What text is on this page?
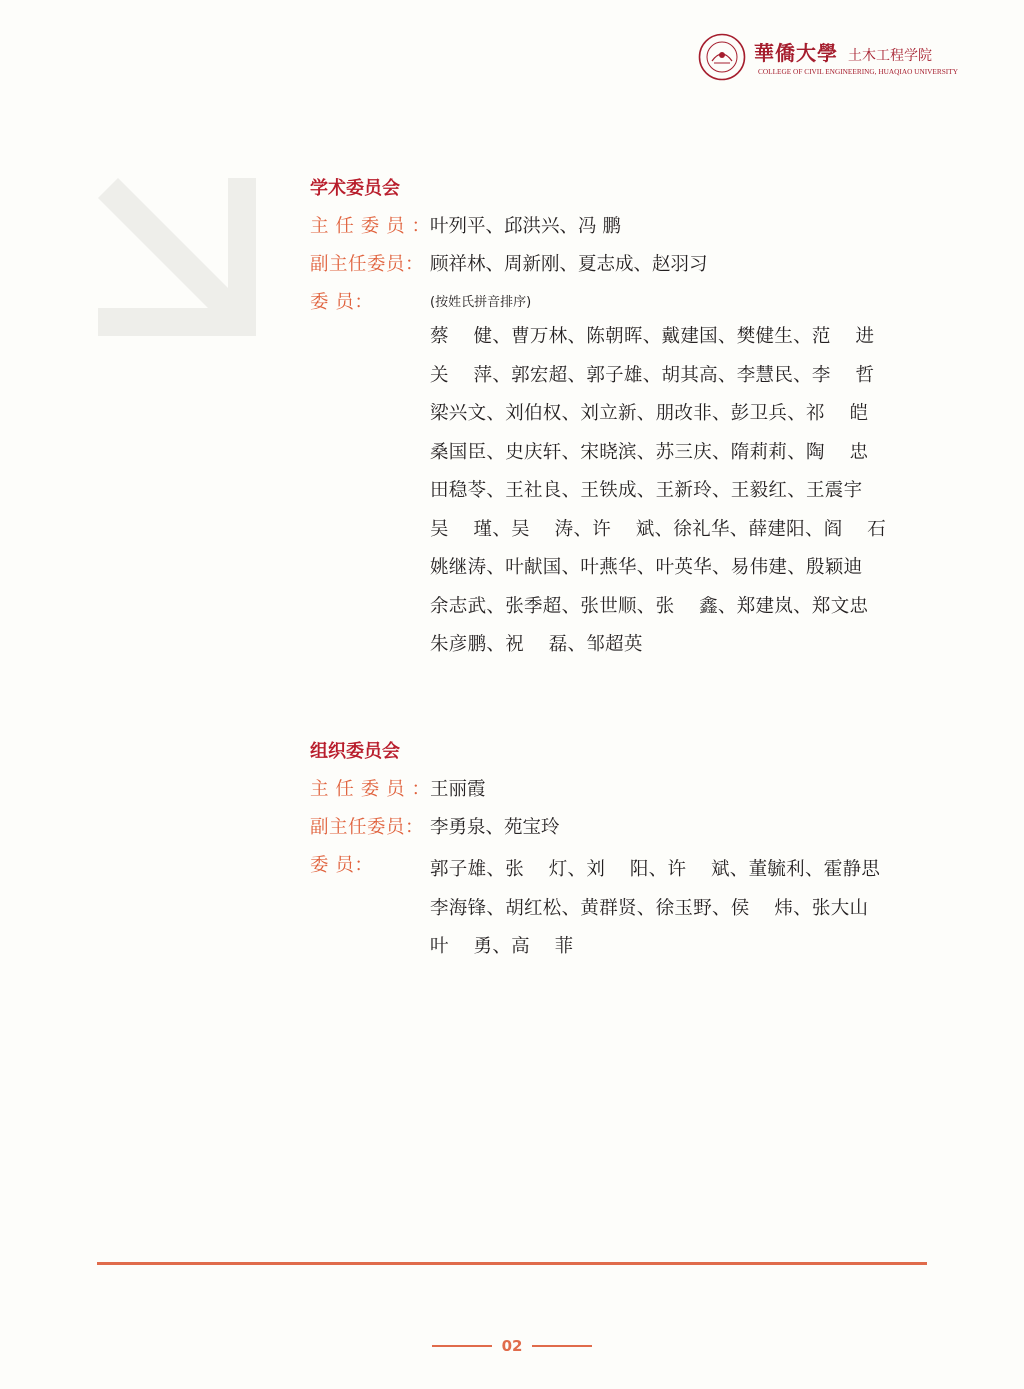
華僑大學 土木工程学院
COLLEGE OF CIVIL ENGINEERING, HUAQIAO UNIVERSITY
学术委员会
主 任 委 员 ： 叶列平、邱洪兴、冯 鹏
副主任委员： 顾祥林、周新刚、夏志成、赵羽习
委 员：	(按姓氏拼音排序)
蔡    健、曹万林、陈朝晖、戴建国、樊健生、范    进
关    萍、郭宏超、郭子雄、胡其高、李慧民、李    哲
梁兴文、刘伯权、刘立新、朋改非、彭卫兵、祁    皑
桑国臣、史庆轩、宋晓滨、苏三庆、隋莉莉、陶    忠
田稳苓、王社良、王铁成、王新玲、王毅红、王震宇
吴    瑾、吴    涛、许    斌、徐礼华、薛建阳、阎    石
姚继涛、叶献国、叶燕华、叶英华、易伟建、殷颖迪
余志武、张季超、张世顺、张    鑫、郑建岚、郑文忠
朱彦鹏、祝    磊、邹超英
组织委员会
主 任 委 员 ： 王丽霞
副主任委员： 李勇泉、苑宝玲
委 员：	郭子雄、张    灯、刘    阳、许    斌、董毓利、霍静思
李海锋、胡红松、黄群贤、徐玉野、侯    炜、张大山
叶    勇、高    菲
02
